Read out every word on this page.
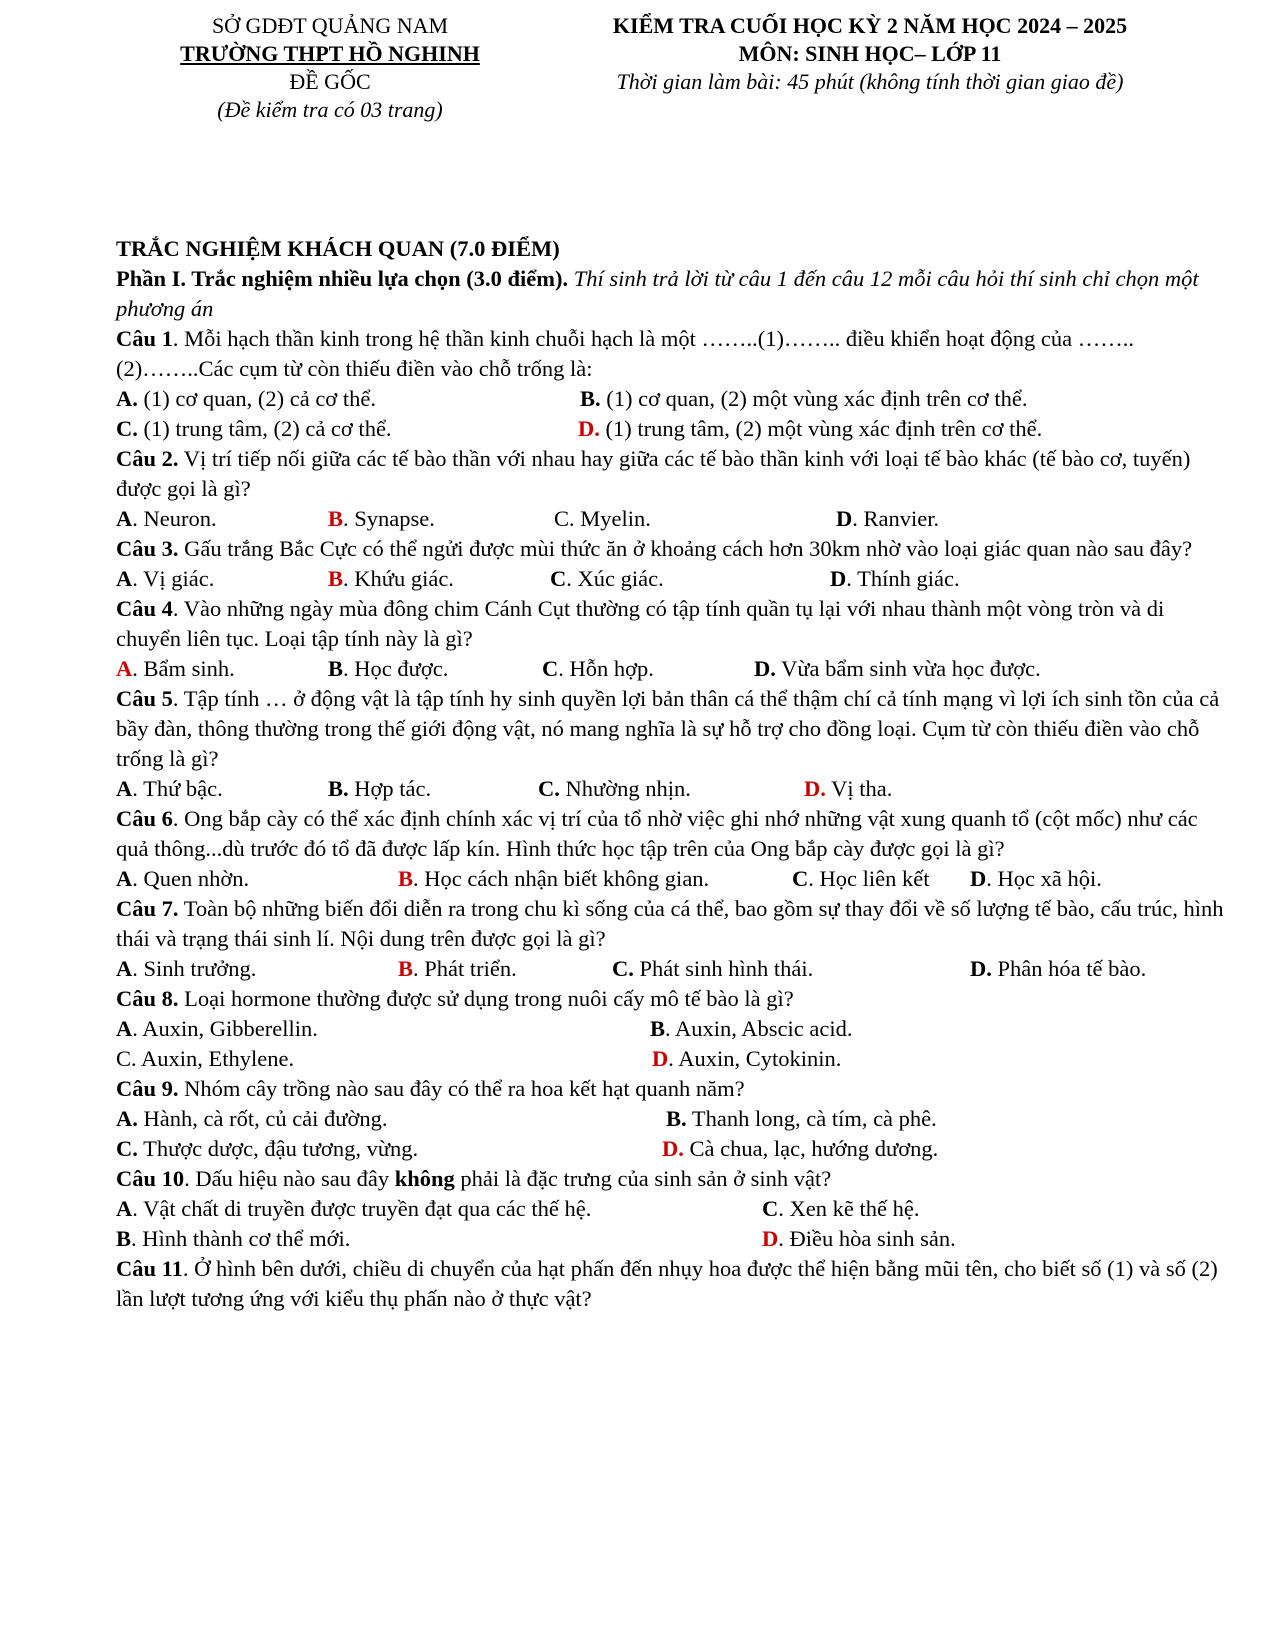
SỞ GDĐT QUẢNG NAM
TRƯỜNG THPT HỒ NGHINH
ĐỀ GỐC
(Đề kiểm tra có 03 trang)
KIỂM TRA CUỐI HỌC KỲ 2 NĂM HỌC 2024 – 2025
MÔN: SINH HỌC– LỚP 11
Thời gian làm bài: 45 phút (không tính thời gian giao đề)

TRẮC NGHIỆM KHÁCH QUAN (7.0 ĐIỂM)

Phần I. Trắc nghiệm nhiều lựa chọn (3.0 điểm). Thí sinh trả lời từ câu 1 đến câu 12 mỗi câu hỏi thí sinh chỉ chọn một phương án

Câu 1. Mỗi hạch thần kinh trong hệ thần kinh chuỗi hạch là một ……..(1)…….. điều khiển hoạt động của ……..(2)……..Các cụm từ còn thiếu điền vào chỗ trống là:

A. (1) cơ quan, (2) cả cơ thể.	B. (1) cơ quan, (2) một vùng xác định trên cơ thể.
C. (1) trung tâm, (2) cả cơ thể.	D. (1) trung tâm, (2) một vùng xác định trên cơ thể.

Câu 2. Vị trí tiếp nối giữa các tế bào thần với nhau hay giữa các tế bào thần kinh với loại tế bào khác (tế bào cơ, tuyến) được gọi là gì?

A. Neuron.	B. Synapse.	C. Myelin.	D. Ranvier.

Câu 3. Gấu trắng Bắc Cực có thể ngửi được mùi thức ăn ở khoảng cách hơn 30km nhờ vào loại giác quan nào sau đây?

A. Vị giác.	B. Khứu giác.	C. Xúc giác.	D. Thính giác.

Câu 4. Vào những ngày mùa đông chim Cánh Cụt thường có tập tính quần tụ lại với nhau thành một vòng tròn và di chuyển liên tục. Loại tập tính này là gì?

A. Bẩm sinh.	B. Học được.	C. Hỗn hợp.	D. Vừa bẩm sinh vừa học được.

Câu 5. Tập tính … ở động vật là tập tính hy sinh quyền lợi bản thân cá thể thậm chí cả tính mạng vì lợi ích sinh tồn của cả bầy đàn, thông thường trong thế giới động vật, nó mang nghĩa là sự hỗ trợ cho đồng loại. Cụm từ còn thiếu điền vào chỗ trống là gì?

A. Thứ bậc.	B. Hợp tác.	C. Nhường nhịn.	D. Vị tha.

Câu 6. Ong bắp cày có thể xác định chính xác vị trí của tổ nhờ việc ghi nhớ những vật xung quanh tổ (cột mốc) như các quả thông...dù trước đó tổ đã được lấp kín. Hình thức học tập trên của Ong bắp cày được gọi là gì?

A. Quen nhờn.	B. Học cách nhận biết không gian.	C. Học liên kết	D. Học xã hội.

Câu 7. Toàn bộ những biến đổi diễn ra trong chu kì sống của cá thể, bao gồm sự thay đổi về số lượng tế bào, cấu trúc, hình thái và trạng thái sinh lí. Nội dung trên được gọi là gì?

A. Sinh trưởng.	B. Phát triển.	C. Phát sinh hình thái.	D. Phân hóa tế bào.

Câu 8. Loại hormone thường được sử dụng trong nuôi cấy mô tế bào là gì?

A. Auxin, Gibberellin.	B. Auxin, Abscic acid.
C. Auxin, Ethylene.	D. Auxin, Cytokinin.

Câu 9. Nhóm cây trồng nào sau đây có thể ra hoa kết hạt quanh năm?

A. Hành, cà rốt, củ cải đường.	B. Thanh long, cà tím, cà phê.
C. Thược dược, đậu tương, vừng.	D. Cà chua, lạc, hướng dương.

Câu 10. Dấu hiệu nào sau đây không phải là đặc trưng của sinh sản ở sinh vật?

A. Vật chất di truyền được truyền đạt qua các thế hệ.	C. Xen kẽ thế hệ.
B. Hình thành cơ thể mới.	D. Điều hòa sinh sản.

Câu 11. Ở hình bên dưới, chiều di chuyển của hạt phấn đến nhụy hoa được thể hiện bằng mũi tên, cho biết số (1) và số (2) lần lượt tương ứng với kiểu thụ phấn nào ở thực vật?
